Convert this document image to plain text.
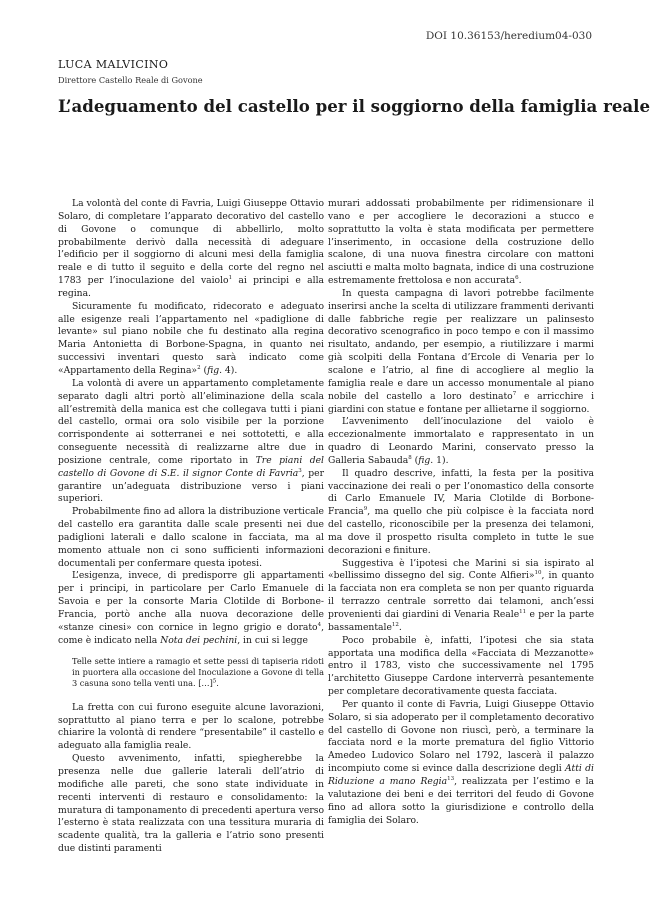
DOI 10.36153/heredium04-030
LUCA MALVICINO
Direttore Castello Reale di Govone
L’adeguamento del castello per il soggiorno della famiglia reale

La volontà del conte di Favria, Luigi Giuseppe Ottavio Solaro, di completare l’apparato decorativo del castello di Govone o comunque di abbellirlo, molto probabilmente derivò dalla necessità di adeguare l’edificio per il soggiorno di alcuni mesi della famiglia reale e di tutto il seguito e della corte del regno nel 1783 per l’inoculazione del vaiolo$^1$ ai principi e alla regina.

Sicuramente fu modificato, ridecorato e adeguato alle esigenze reali l’appartamento nel «padiglione di levante» sul piano nobile che fu destinato alla regina Maria Antonietta di Borbone-Spagna, in quanto nei successivi inventari questo sarà indicato come «Appartamento della Regina»$^2$ (fig. 4).

La volontà di avere un appartamento completamente separato dagli altri portò all’eliminazione della scala all’estremità della manica est che collegava tutti i piani del castello, ormai ora solo visibile per la porzione corrispondente ai sotterranei e nei sottotetti, e alla conseguente necessità di realizzarne altre due in posizione centrale, come riportato in Tre piani del castello di Govone di S.E. il signor Conte di Favria$^3$, per garantire un’adeguata distribuzione verso i piani superiori.

Probabilmente fino ad allora la distribuzione verticale del castello era garantita dalle scale presenti nei due padiglioni laterali e dallo scalone in facciata, ma al momento attuale non ci sono sufficienti informazioni documentali per confermare questa ipotesi.

L’esigenza, invece, di predisporre gli appartamenti per i principi, in particolare per Carlo Emanuele di Savoia e per la consorte Maria Clotilde di Borbone-Francia, portò anche alla nuova decorazione delle «stanze cinesi» con cornice in legno grigio e dorato$^4$, come è indicato nella Nota dei pechini, in cui si legge

Telle sette intiere a ramagio et sette pessi di tapiseria ridoti in puortera alla occasione del Inoculazione a Govone di tella 3 casuna sono tella venti una. […]$^5$.

La fretta con cui furono eseguite alcune lavorazioni, soprattutto al piano terra e per lo scalone, potrebbe chiarire la volontà di rendere “presentabile” il castello e adeguato alla famiglia reale.

Questo avvenimento, infatti, spiegherebbe la presenza nelle due gallerie laterali dell’atrio di modifiche alle pareti, che sono state individuate in recenti interventi di restauro e consolidamento: la muratura di tamponamento di precedenti apertura verso l’esterno è stata realizzata con una tessitura muraria di scadente qualità, tra la galleria e l’atrio sono presenti due distinti paramenti

murari addossati probabilmente per ridimensionare il vano e per accogliere le decorazioni a stucco e soprattutto la volta è stata modificata per permettere l’inserimento, in occasione della costruzione dello scalone, di una nuova finestra circolare con mattoni asciutti e malta molto bagnata, indice di una costruzione estremamente frettolosa e non accurata$^6$.

In questa campagna di lavori potrebbe facilmente inserirsi anche la scelta di utilizzare frammenti derivanti dalle fabbriche regie per realizzare un palinsesto decorativo scenografico in poco tempo e con il massimo risultato, andando, per esempio, a riutilizzare i marmi già scolpiti della Fontana d’Ercole di Venaria per lo scalone e l’atrio, al fine di accogliere al meglio la famiglia reale e dare un accesso monumentale al piano nobile del castello a loro destinato$^7$ e arricchire i giardini con statue e fontane per allietarne il soggiorno.

L’avvenimento dell’inoculazione del vaiolo è eccezionalmente immortalato e rappresentato in un quadro di Leonardo Marini, conservato presso la Galleria Sabauda$^8$ (fig. 1).

Il quadro descrive, infatti, la festa per la positiva vaccinazione dei reali o per l’onomastico della consorte di Carlo Emanuele IV, Maria Clotilde di Borbone-Francia$^9$, ma quello che più colpisce è la facciata nord del castello, riconoscibile per la presenza dei telamoni, ma dove il prospetto risulta completo in tutte le sue decorazioni e finiture.

Suggestiva è l’ipotesi che Marini si sia ispirato al «bellissimo dissegno del sig. Conte Alfieri»$^{10}$, in quanto la facciata non era completa se non per quanto riguarda il terrazzo centrale sorretto dai telamoni, anch’essi provenienti dai giardini di Venaria Reale$^{11}$ e per la parte bassamentale$^{12}$.

Poco probabile è, infatti, l’ipotesi che sia stata apportata una modifica della «Facciata di Mezzanotte» entro il 1783, visto che successivamente nel 1795 l’architetto Giuseppe Cardone interverrà pesantemente per completare decorativamente questa facciata.

Per quanto il conte di Favria, Luigi Giuseppe Ottavio Solaro, si sia adoperato per il completamento decorativo del castello di Govone non riuscì, però, a terminare la facciata nord e la morte prematura del figlio Vittorio Amedeo Ludovico Solaro nel 1792, lascerà il palazzo incompiuto come si evince dalla descrizione degli Atti di Riduzione a mano Regia$^{13}$, realizzata per l’estimo e la valutazione dei beni e dei territori del feudo di Govone fino ad allora sotto la giurisdizione e controllo della famiglia dei Solaro.
